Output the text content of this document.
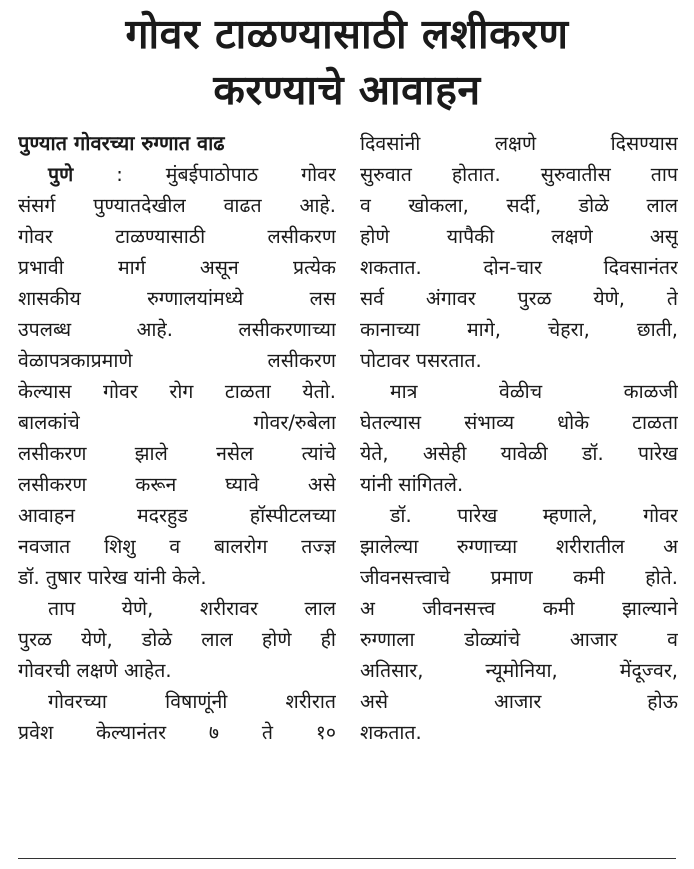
गोवर टाळण्यासाठी लशीकरण
करण्याचे आवाहन
पुण्यात गोवरच्या रुग्णात वाढ
पुणे : मुंबईपाठोपाठ गोवर
संसर्ग पुण्यातदेखील वाढत आहे.
गोवर टाळण्यासाठी लसीकरण
प्रभावी मार्ग असून प्रत्येक
शासकीय रुग्णालयांमध्ये लस
उपलब्ध आहे. लसीकरणाच्या
वेळापत्रकाप्रमाणे लसीकरण
केल्यास गोवर रोग टाळता येतो.
बालकांचे गोवर/रुबेला
लसीकरण झाले नसेल त्यांचे
लसीकरण करून घ्यावे असे
आवाहन मदरहुड हॉस्पीटलच्या
नवजात शिशु व बालरोग तज्ज्ञ
डॉ. तुषार पारेख यांनी केले.
ताप येणे, शरीरावर लाल
पुरळ येणे, डोळे लाल होणे ही
गोवरची लक्षणे आहेत.
गोवरच्या विषाणूंनी शरीरात
प्रवेश केल्यानंतर ७ ते १०
दिवसांनी लक्षणे दिसण्यास
सुरुवात होतात. सुरुवातीस ताप
व खोकला, सर्दी, डोळे लाल
होणे यापैकी लक्षणे असू
शकतात. दोन-चार दिवसानंतर
सर्व अंगावर पुरळ येणे, ते
कानाच्या मागे, चेहरा, छाती,
पोटावर पसरतात.
मात्र वेळीच काळजी
घेतल्यास संभाव्य धोके टाळता
येते, असेही यावेळी डॉ. पारेख
यांनी सांगितले.
डॉ. पारेख म्हणाले, गोवर
झालेल्या रुग्णाच्या शरीरातील अ
जीवनसत्त्वाचे प्रमाण कमी होते.
अ जीवनसत्त्व कमी झाल्याने
रुग्णाला डोळ्यांचे आजार व
अतिसार, न्यूमोनिया, मेंदूज्वर,
असे आजार होऊ
शकतात.
